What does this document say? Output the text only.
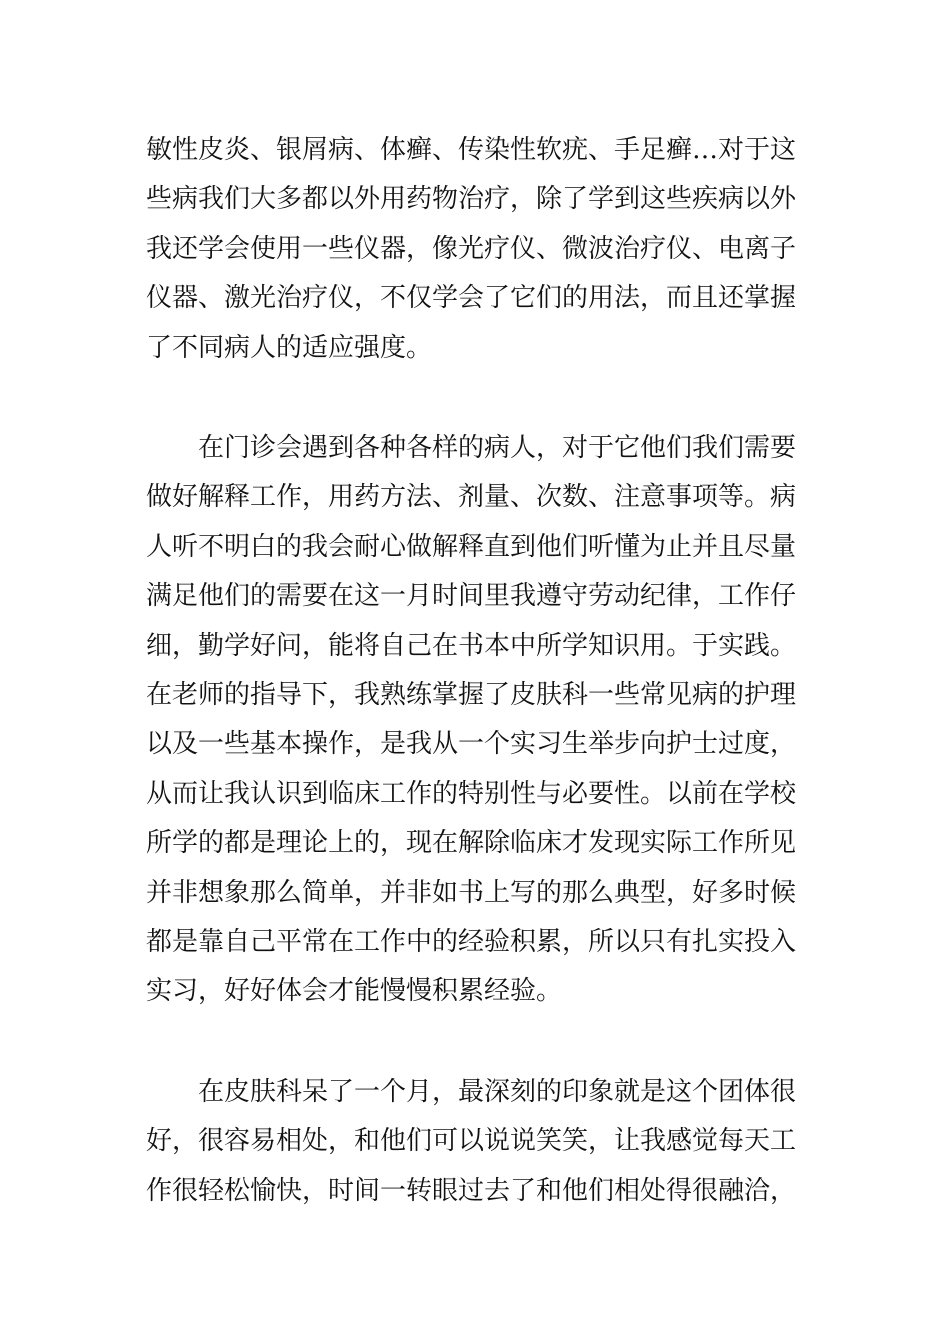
敏性皮炎、银屑病、体癣、传染性软疣、手足癣…对于这
些病我们大多都以外用药物治疗，除了学到这些疾病以外
我还学会使用一些仪器，像光疗仪、微波治疗仪、电离子
仪器、激光治疗仪，不仅学会了它们的用法，而且还掌握
了不同病人的适应强度。
在门诊会遇到各种各样的病人，对于它他们我们需要
做好解释工作，用药方法、剂量、次数、注意事项等。病
人听不明白的我会耐心做解释直到他们听懂为止并且尽量
满足他们的需要在这一月时间里我遵守劳动纪律，工作仔
细，勤学好问，能将自己在书本中所学知识用。于实践。
在老师的指导下，我熟练掌握了皮肤科一些常见病的护理
以及一些基本操作，是我从一个实习生举步向护士过度，
从而让我认识到临床工作的特别性与必要性。以前在学校
所学的都是理论上的，现在解除临床才发现实际工作所见
并非想象那么简单，并非如书上写的那么典型，好多时候
都是靠自己平常在工作中的经验积累，所以只有扎实投入
实习，好好体会才能慢慢积累经验。
在皮肤科呆了一个月，最深刻的印象就是这个团体很
好，很容易相处，和他们可以说说笑笑，让我感觉每天工
作很轻松愉快，时间一转眼过去了和他们相处得很融洽，
